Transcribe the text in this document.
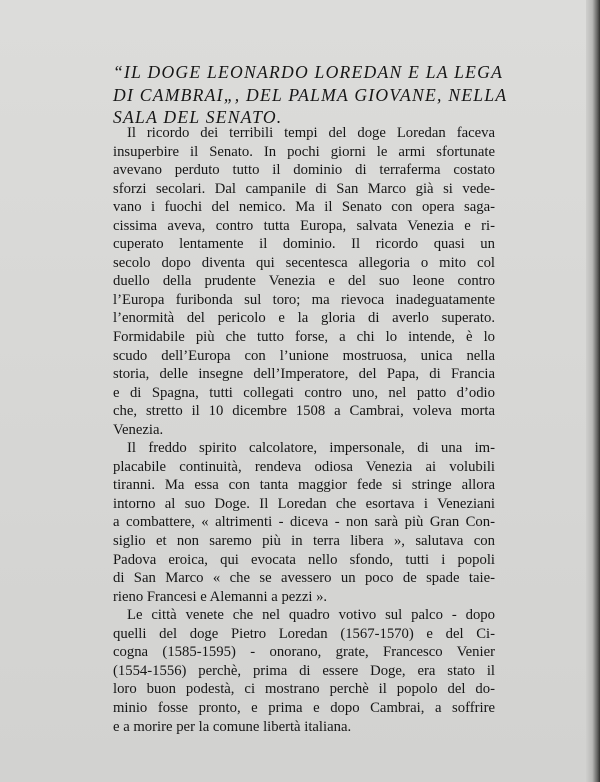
“IL DOGE LEONARDO LOREDAN E LA LEGA
DI CAMBRAI„, DEL PALMA GIOVANE, NELLA
SALA DEL SENATO.
Il ricordo dei terribili tempi del doge Loredan faceva
insuperbire il Senato. In pochi giorni le armi sfortunate
avevano perduto tutto il dominio di terraferma costato
sforzi secolari. Dal campanile di San Marco già si vede-
vano i fuochi del nemico. Ma il Senato con opera saga-
cissima aveva, contro tutta Europa, salvata Venezia e ri-
cuperato lentamente il dominio. Il ricordo quasi un
secolo dopo diventa qui secentesca allegoria o mito col
duello della prudente Venezia e del suo leone contro
l’Europa furibonda sul toro; ma rievoca inadeguatamente
l’enormità del pericolo e la gloria di averlo superato.
Formidabile più che tutto forse, a chi lo intende, è lo
scudo dell’Europa con l’unione mostruosa, unica nella
storia, delle insegne dell’Imperatore, del Papa, di Francia
e di Spagna, tutti collegati contro uno, nel patto d’odio
che, stretto il 10 dicembre 1508 a Cambrai, voleva morta
Venezia.
Il freddo spirito calcolatore, impersonale, di una im-
placabile continuità, rendeva odiosa Venezia ai volubili
tiranni. Ma essa con tanta maggior fede si stringe allora
intorno al suo Doge. Il Loredan che esortava i Veneziani
a combattere, « altrimenti - diceva - non sarà più Gran Con-
siglio et non saremo più in terra libera », salutava con
Padova eroica, qui evocata nello sfondo, tutti i popoli
di San Marco « che se avessero un poco de spade taie-
rieno Francesi e Alemanni a pezzi ».
Le città venete che nel quadro votivo sul palco - dopo
quelli del doge Pietro Loredan (1567-1570) e del Ci-
cogna (1585-1595) - onorano, grate, Francesco Venier
(1554-1556) perchè, prima di essere Doge, era stato il
loro buon podestà, ci mostrano perchè il popolo del do-
minio fosse pronto, e prima e dopo Cambrai, a soffrire
e a morire per la comune libertà italiana.
